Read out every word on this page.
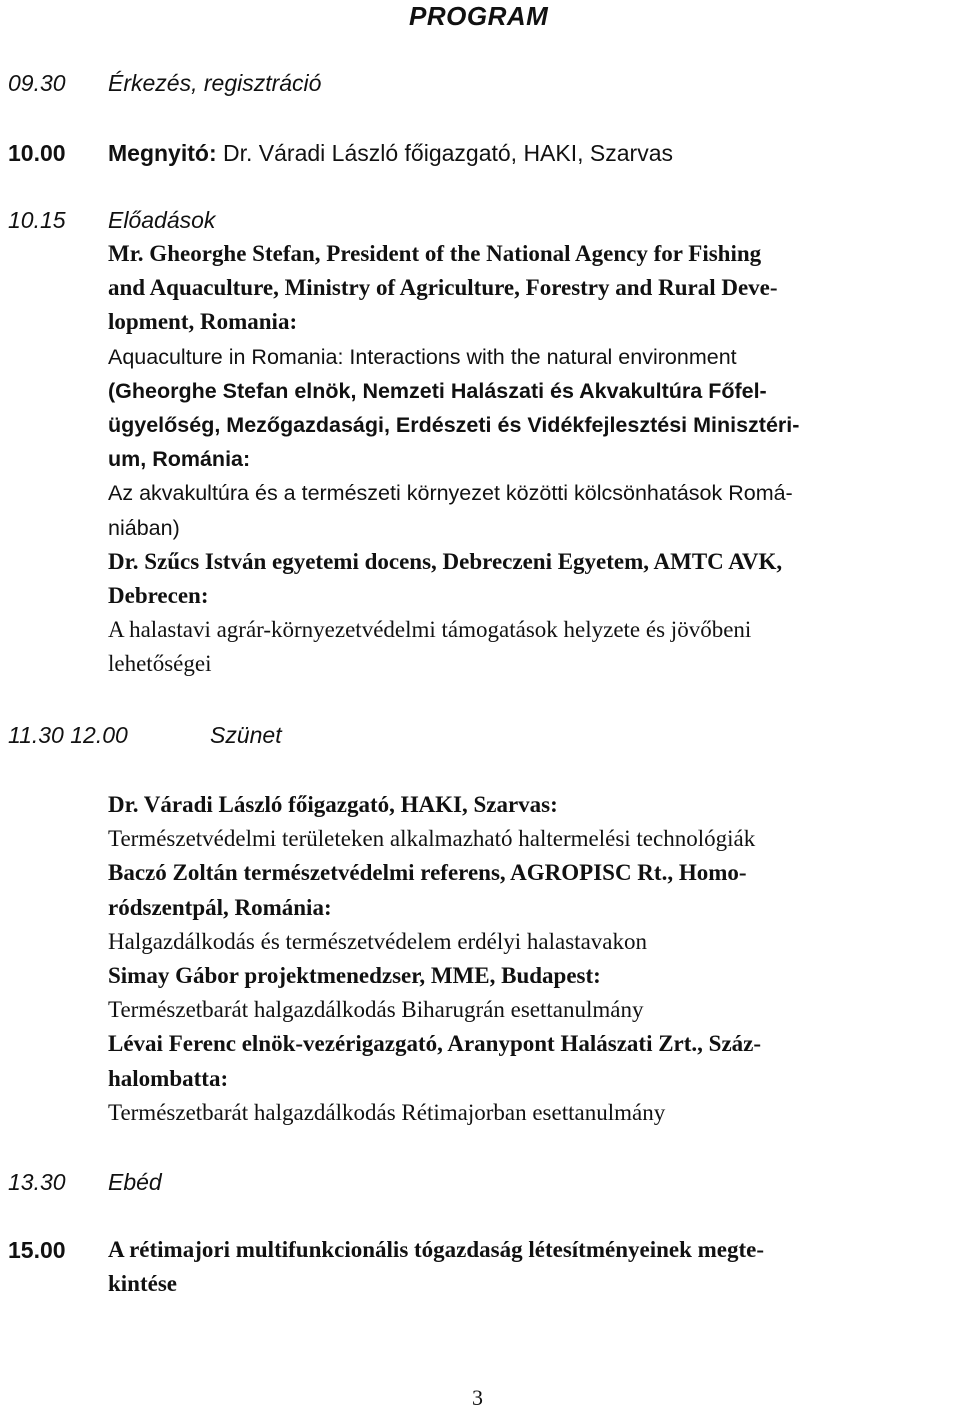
PROGRAM
09.30 Érkezés, regisztráció
10.00 Megnyitó: Dr. Váradi László főigazgató, HAKI, Szarvas
10.15 Előadások
Mr. Gheorghe Stefan, President of the National Agency for Fishing
and Aquaculture, Ministry of Agriculture, Forestry and Rural Deve-
lopment, Romania:
Aquaculture in Romania: Interactions with the natural environment
(Gheorghe Stefan elnök, Nemzeti Halászati és Akvakultúra Főfel-
ügyelőség, Mezőgazdasági, Erdészeti és Vidékfejlesztési Minisztéri-
um, Románia:
Az akvakultúra és a természeti környezet közötti kölcsönhatások Romá-
niában)
Dr. Szűcs István egyetemi docens, Debreczeni Egyetem, AMTC AVK,
Debrecen:
A halastavi agrár-környezetvédelmi támogatások helyzete és jövőbeni
lehetőségei
11.30 12.00	Szünet
Dr. Váradi László főigazgató, HAKI, Szarvas:
Természetvédelmi területeken alkalmazható haltermelési technológiák
Baczó Zoltán természetvédelmi referens, AGROPISC Rt., Homo-
ródszentpál, Románia:
Halgazdálkodás és természetvédelem erdélyi halastavakon
Simay Gábor projektmenedzser, MME, Budapest:
Természetbarát halgazdálkodás Biharugrán esettanulmány
Lévai Ferenc elnök-vezérigazgató, Aranypont Halászati Zrt., Száz-
halombatta:
Természetbarát halgazdálkodás Rétimajorban esettanulmány
13.30 Ebéd
15.00 A rétimajori multifunkcionális tógazdaság létesítményeinek megte-
kintése
3
